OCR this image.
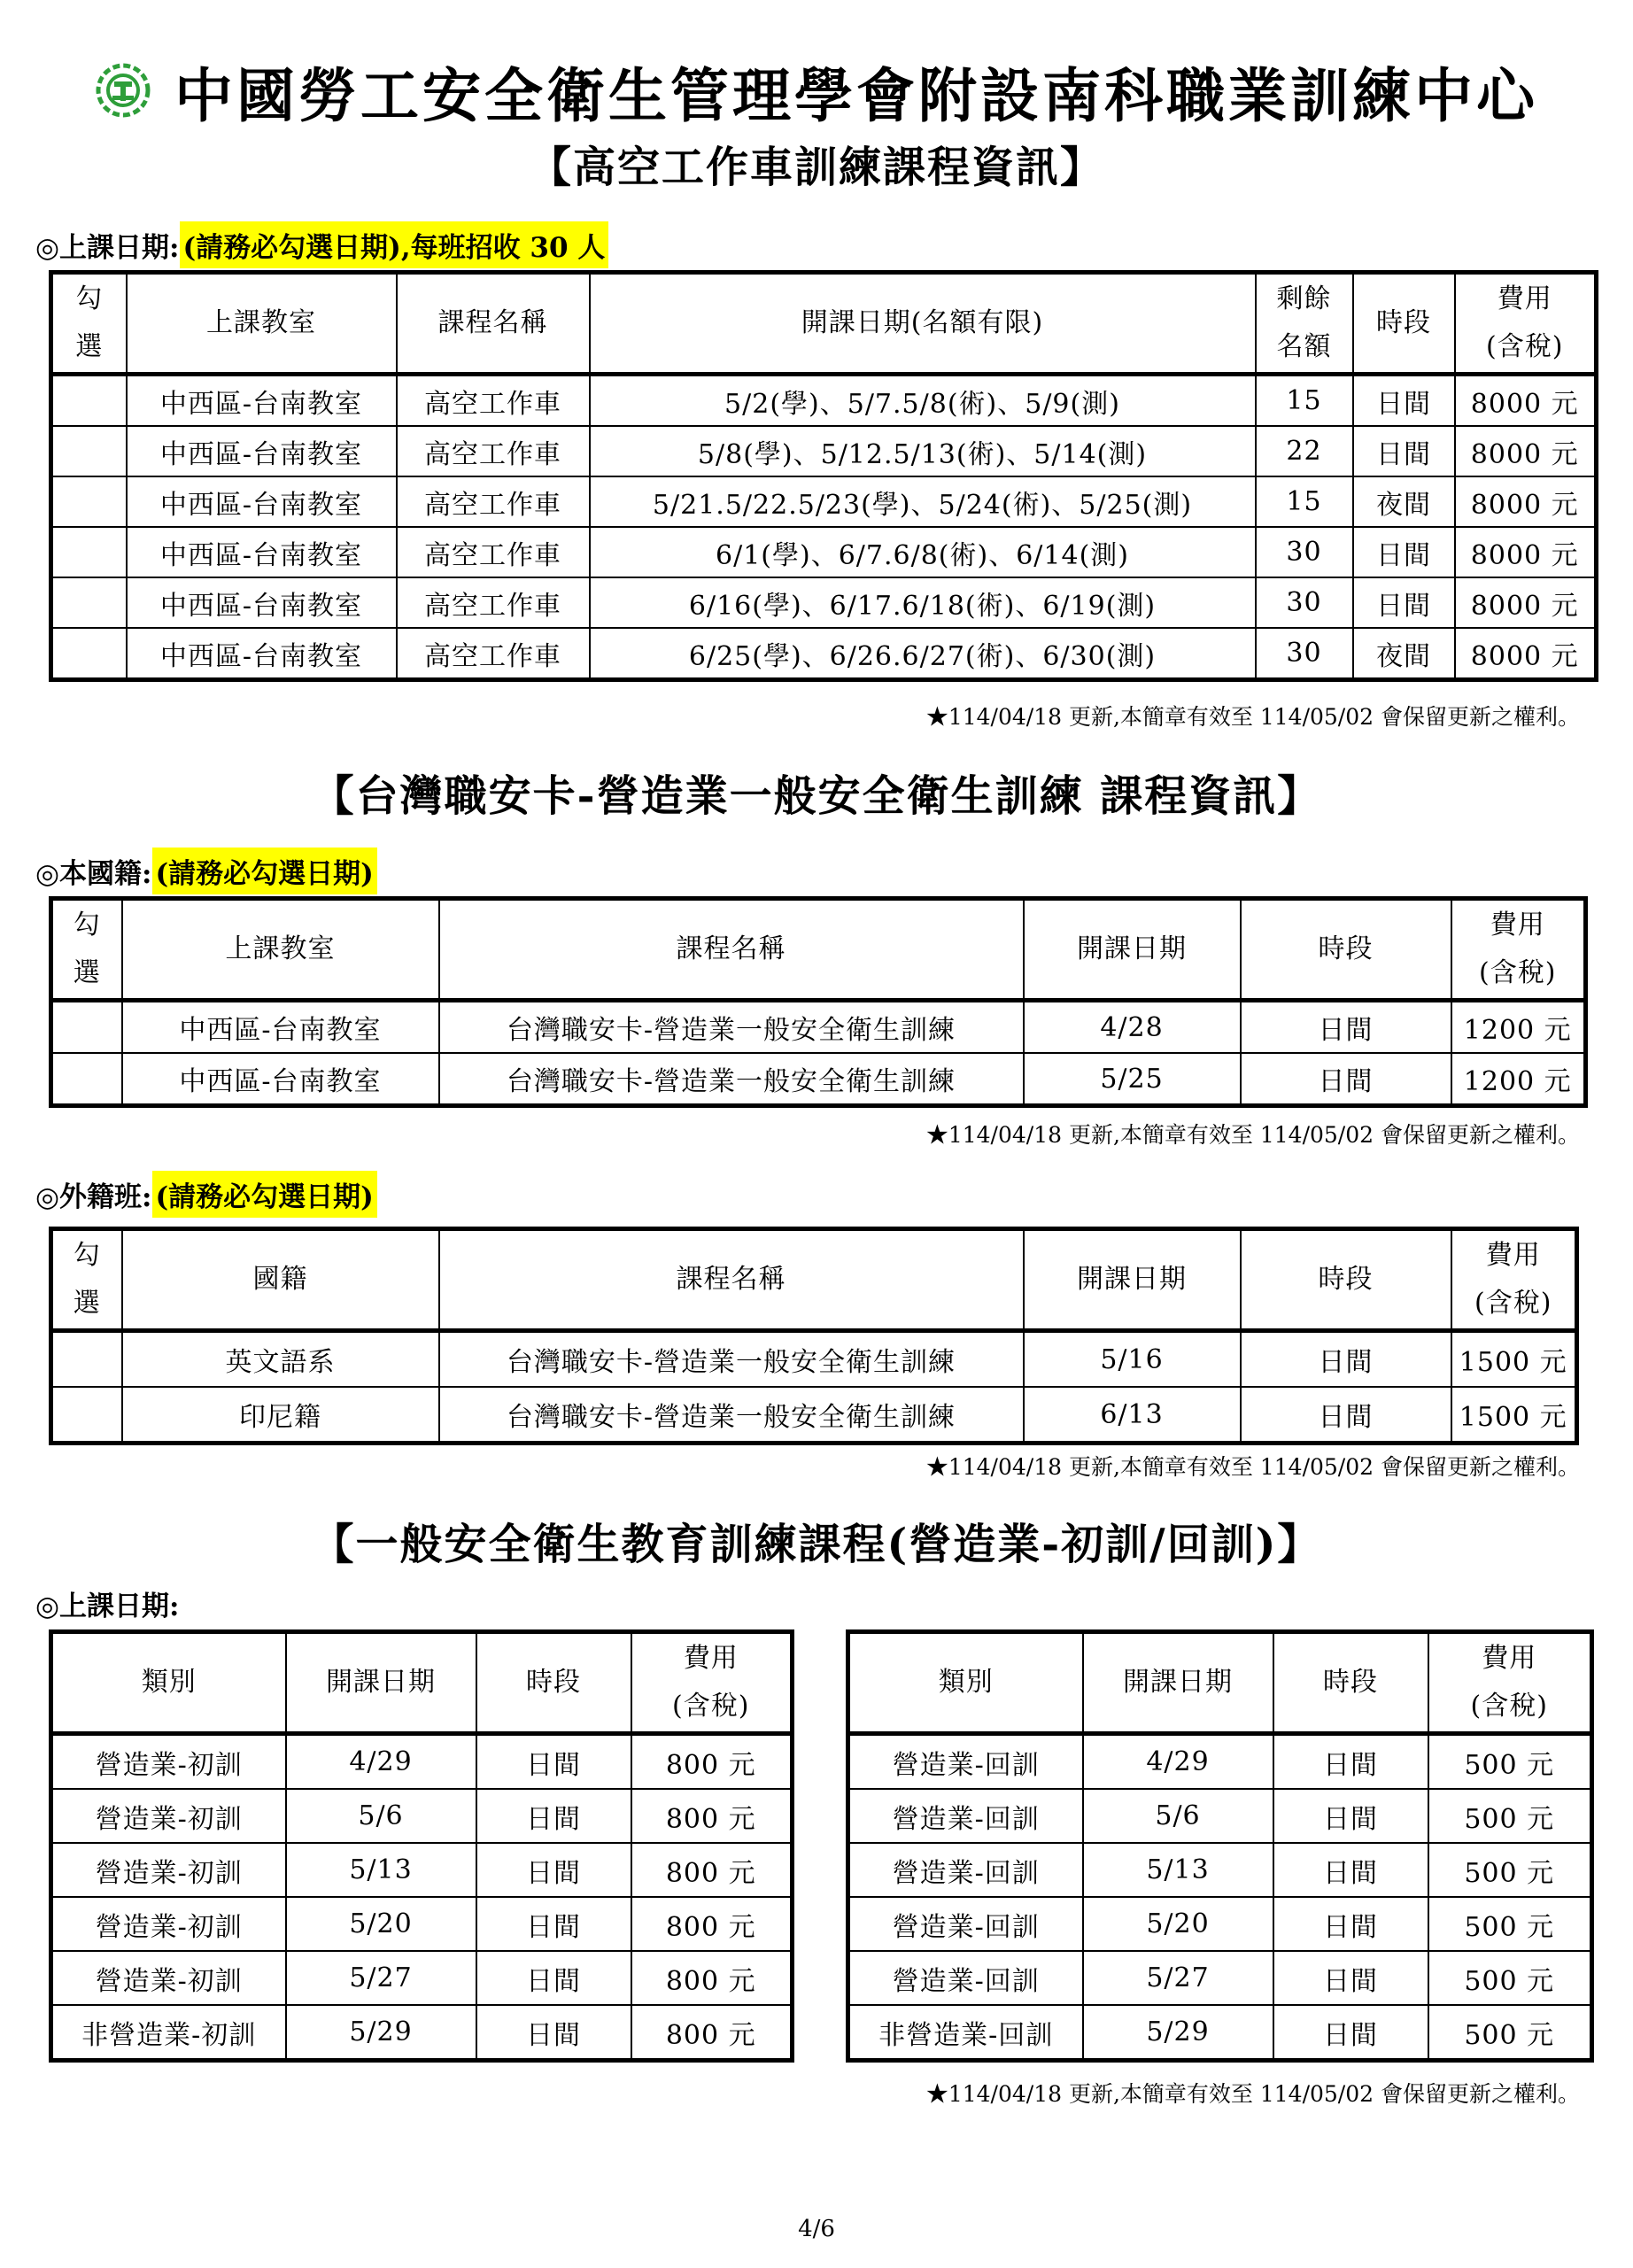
中國勞工安全衛生管理學會附設南科職業訓練中心
【高空工作車訓練課程資訊】
◎上課日期: (請務必勾選日期),每班招收 30 人
勾
選	上課教室	課程名稱	開課日期(名額有限)	剩餘
名額	時段	費用
(含稅)
	中西區-台南教室	高空工作車	5/2(學)、5/7.5/8(術)、5/9(測)	15	日間	8000 元
	中西區-台南教室	高空工作車	5/8(學)、5/12.5/13(術)、5/14(測)	22	日間	8000 元
	中西區-台南教室	高空工作車	5/21.5/22.5/23(學)、5/24(術)、5/25(測)	15	夜間	8000 元
	中西區-台南教室	高空工作車	6/1(學)、6/7.6/8(術)、6/14(測)	30	日間	8000 元
	中西區-台南教室	高空工作車	6/16(學)、6/17.6/18(術)、6/19(測)	30	日間	8000 元
	中西區-台南教室	高空工作車	6/25(學)、6/26.6/27(術)、6/30(測)	30	夜間	8000 元
★114/04/18 更新,本簡章有效至 114/05/02 會保留更新之權利。
【台灣職安卡-營造業一般安全衛生訓練 課程資訊】
◎本國籍: (請務必勾選日期)
勾
選	上課教室	課程名稱	開課日期	時段	費用
(含稅)
	中西區-台南教室	台灣職安卡-營造業一般安全衛生訓練	4/28	日間	1200 元
	中西區-台南教室	台灣職安卡-營造業一般安全衛生訓練	5/25	日間	1200 元
★114/04/18 更新,本簡章有效至 114/05/02 會保留更新之權利。
◎外籍班: (請務必勾選日期)
勾
選	國籍	課程名稱	開課日期	時段	費用
(含稅)
	英文語系	台灣職安卡-營造業一般安全衛生訓練	5/16	日間	1500 元
	印尼籍	台灣職安卡-營造業一般安全衛生訓練	6/13	日間	1500 元
★114/04/18 更新,本簡章有效至 114/05/02 會保留更新之權利。
【一般安全衛生教育訓練課程(營造業-初訓/回訓)】
◎上課日期:
類別	開課日期	時段	費用
(含稅)
營造業-初訓	4/29	日間	800 元
營造業-初訓	5/6	日間	800 元
營造業-初訓	5/13	日間	800 元
營造業-初訓	5/20	日間	800 元
營造業-初訓	5/27	日間	800 元
非營造業-初訓	5/29	日間	800 元
類別	開課日期	時段	費用
(含稅)
營造業-回訓	4/29	日間	500 元
營造業-回訓	5/6	日間	500 元
營造業-回訓	5/13	日間	500 元
營造業-回訓	5/20	日間	500 元
營造業-回訓	5/27	日間	500 元
非營造業-回訓	5/29	日間	500 元
★114/04/18 更新,本簡章有效至 114/05/02 會保留更新之權利。
4/6
